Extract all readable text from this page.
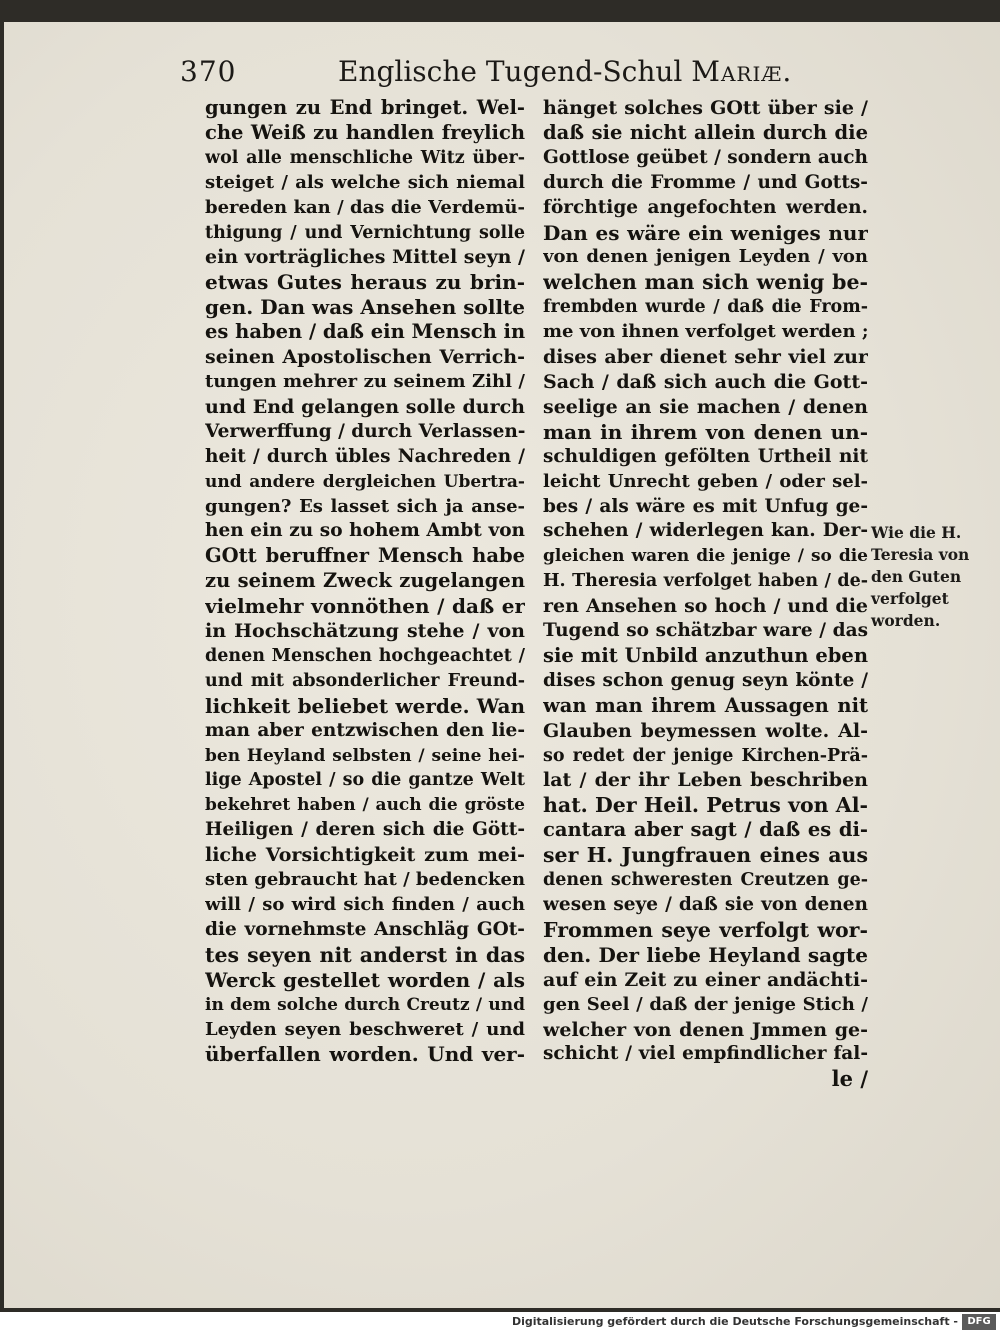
370	Englische Tugend-Schul Mariæ.
gungen zu End bringet. Wel-
che Weiß zu handlen freylich
wol alle menschliche Witz über-
steiget / als welche sich niemal
bereden kan / das die Verdemü-
thigung / und Vernichtung solle
ein vorträgliches Mittel seyn /
etwas Gutes heraus zu brin-
gen. Dan was Ansehen sollte
es haben / daß ein Mensch in
seinen Apostolischen Verrich-
tungen mehrer zu seinem Zihl /
und End gelangen solle durch
Verwerffung / durch Verlassen-
heit / durch übles Nachreden /
und andere dergleichen Ubertra-
gungen? Es lasset sich ja anse-
hen ein zu so hohem Ambt von
GOtt beruffner Mensch habe
zu seinem Zweck zugelangen
vielmehr vonnöthen / daß er
in Hochschätzung stehe / von
denen Menschen hochgeachtet /
und mit absonderlicher Freund-
lichkeit beliebet werde. Wan
man aber entzwischen den lie-
ben Heyland selbsten / seine hei-
lige Apostel / so die gantze Welt
bekehret haben / auch die gröste
Heiligen / deren sich die Gött-
liche Vorsichtigkeit zum mei-
sten gebraucht hat / bedencken
will / so wird sich finden / auch
die vornehmste Anschläg GOt-
tes seyen nit anderst in das
Werck gestellet worden / als
in dem solche durch Creutz / und
Leyden seyen beschweret / und
überfallen worden. Und ver-
hänget solches GOtt über sie /
daß sie nicht allein durch die
Gottlose geübet / sondern auch
durch die Fromme / und Gotts-
förchtige angefochten werden.
Dan es wäre ein weniges nur
von denen jenigen Leyden / von
welchen man sich wenig be-
frembden wurde / daß die From-
me von ihnen verfolget werden ;
dises aber dienet sehr viel zur
Sach / daß sich auch die Gott-
seelige an sie machen / denen
man in ihrem von denen un-
schuldigen gefölten Urtheil nit
leicht Unrecht geben / oder sel-
bes / als wäre es mit Unfug ge-
schehen / widerlegen kan. Der-
gleichen waren die jenige / so die
H. Theresia verfolget haben / de-
ren Ansehen so hoch / und die
Tugend so schätzbar ware / das
sie mit Unbild anzuthun eben
dises schon genug seyn könte /
wan man ihrem Aussagen nit
Glauben beymessen wolte. Al-
so redet der jenige Kirchen-Prä-
lat / der ihr Leben beschriben
hat. Der Heil. Petrus von Al-
cantara aber sagt / daß es di-
ser H. Jungfrauen eines aus
denen schweresten Creutzen ge-
wesen seye / daß sie von denen
Frommen seye verfolgt wor-
den. Der liebe Heyland sagte
auf ein Zeit zu einer andächti-
gen Seel / daß der jenige Stich /
welcher von denen Jmmen ge-
schicht / viel empfindlicher fal-
le /
Wie die H.
Teresia von
den Guten
verfolget
worden.
Digitalisierung gefördert durch die Deutsche Forschungsgemeinschaft - DFG
